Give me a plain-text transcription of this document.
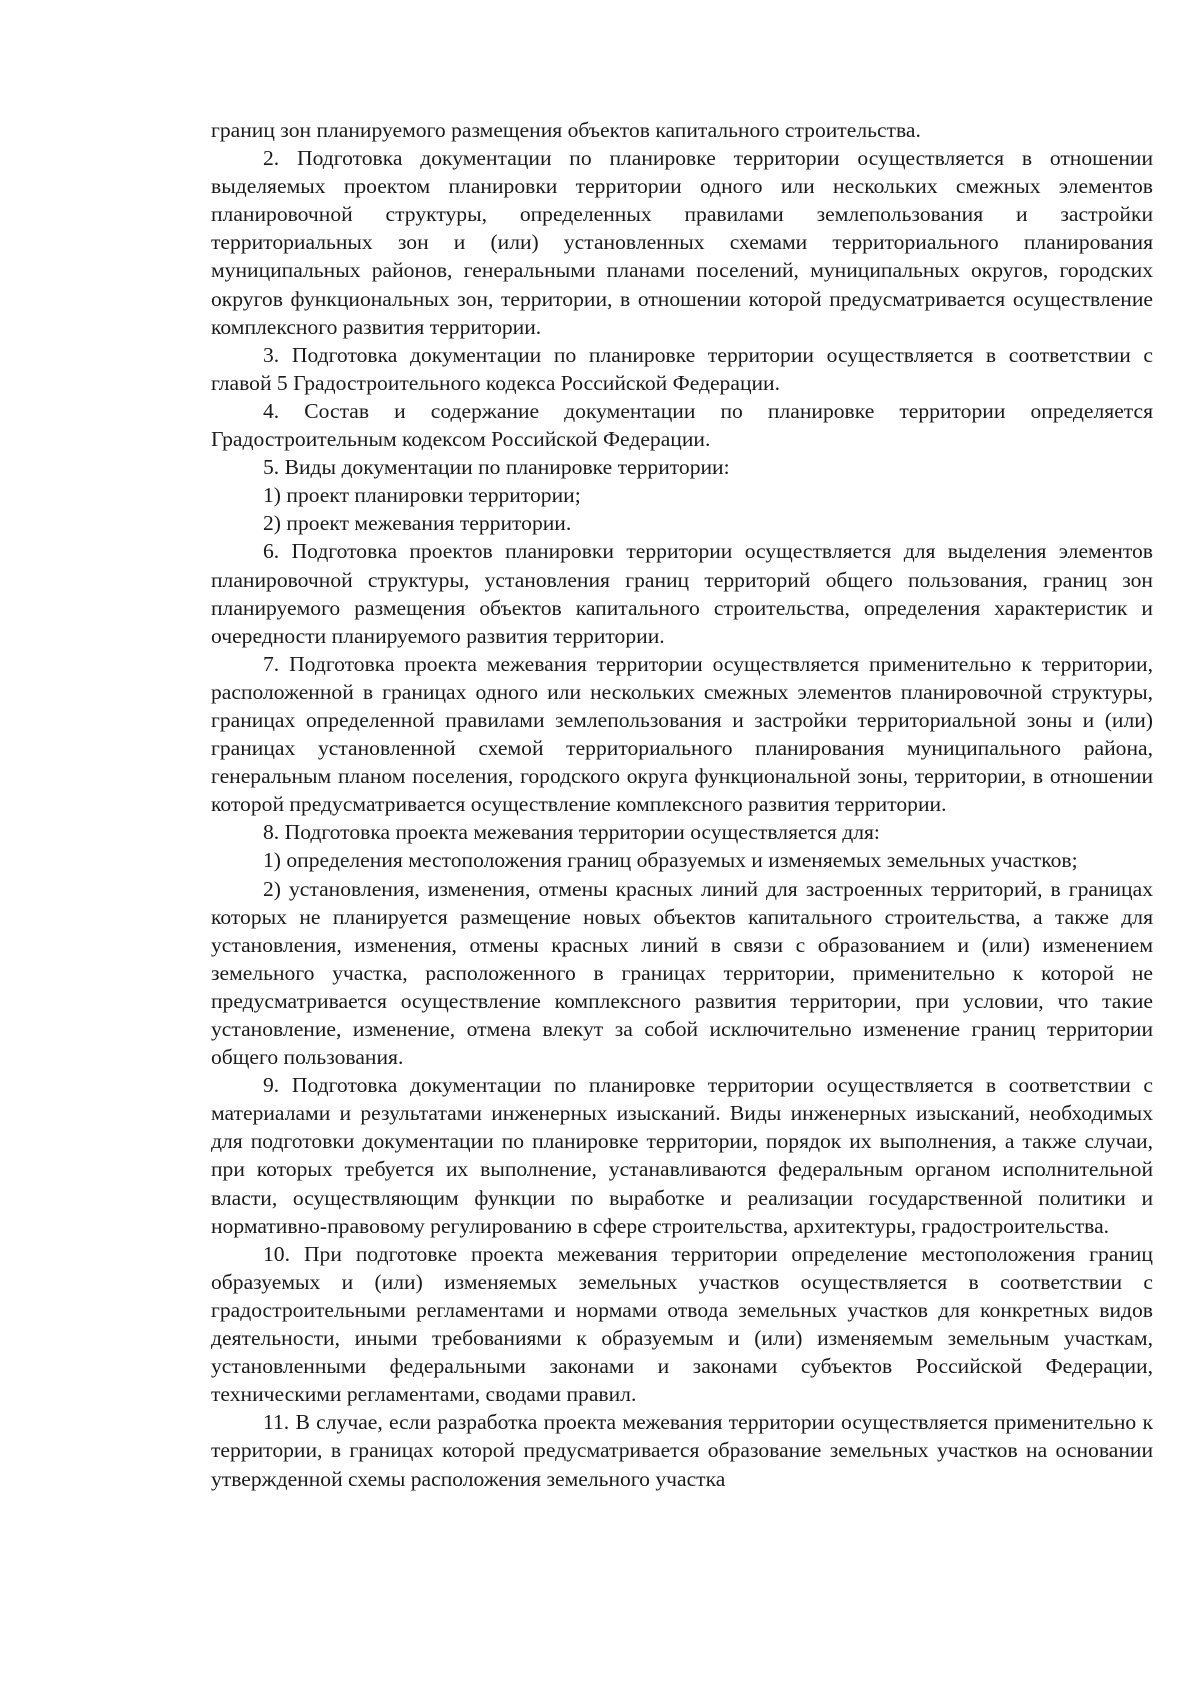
границ зон планируемого размещения объектов капитального строительства.

2. Подготовка документации по планировке территории осуществляется в отношении выделяемых проектом планировки территории одного или нескольких смежных элементов планировочной структуры, определенных правилами землепользования и застройки территориальных зон и (или) установленных схемами территориального планирования муниципальных районов, генеральными планами поселений, муниципальных округов, городских округов функциональных зон, территории, в отношении которой предусматривается осуществление комплексного развития территории.

3. Подготовка документации по планировке территории осуществляется в соответствии с главой 5 Градостроительного кодекса Российской Федерации.

4. Состав и содержание документации по планировке территории определяется Градостроительным кодексом Российской Федерации.

5. Виды документации по планировке территории:

1) проект планировки территории;

2) проект межевания территории.

6. Подготовка проектов планировки территории осуществляется для выделения элементов планировочной структуры, установления границ территорий общего пользования, границ зон планируемого размещения объектов капитального строительства, определения характеристик и очередности планируемого развития территории.

7. Подготовка проекта межевания территории осуществляется применительно к территории, расположенной в границах одного или нескольких смежных элементов планировочной структуры, границах определенной правилами землепользования и застройки территориальной зоны и (или) границах установленной схемой территориального планирования муниципального района, генеральным планом поселения, городского округа функциональной зоны, территории, в отношении которой предусматривается осуществление комплексного развития территории.

8. Подготовка проекта межевания территории осуществляется для:

1) определения местоположения границ образуемых и изменяемых земельных участков;

2) установления, изменения, отмены красных линий для застроенных территорий, в границах которых не планируется размещение новых объектов капитального строительства, а также для установления, изменения, отмены красных линий в связи с образованием и (или) изменением земельного участка, расположенного в границах территории, применительно к которой не предусматривается осуществление комплексного развития территории, при условии, что такие установление, изменение, отмена влекут за собой исключительно изменение границ территории общего пользования.

9. Подготовка документации по планировке территории осуществляется в соответствии с материалами и результатами инженерных изысканий. Виды инженерных изысканий, необходимых для подготовки документации по планировке территории, порядок их выполнения, а также случаи, при которых требуется их выполнение, устанавливаются федеральным органом исполнительной власти, осуществляющим функции по выработке и реализации государственной политики и нормативно-правовому регулированию в сфере строительства, архитектуры, градостроительства.

10. При подготовке проекта межевания территории определение местоположения границ образуемых и (или) изменяемых земельных участков осуществляется в соответствии с градостроительными регламентами и нормами отвода земельных участков для конкретных видов деятельности, иными требованиями к образуемым и (или) изменяемым земельным участкам, установленными федеральными законами и законами субъектов Российской Федерации, техническими регламентами, сводами правил.

11. В случае, если разработка проекта межевания территории осуществляется применительно к территории, в границах которой предусматривается образование земельных участков на основании утвержденной схемы расположения земельного участка
